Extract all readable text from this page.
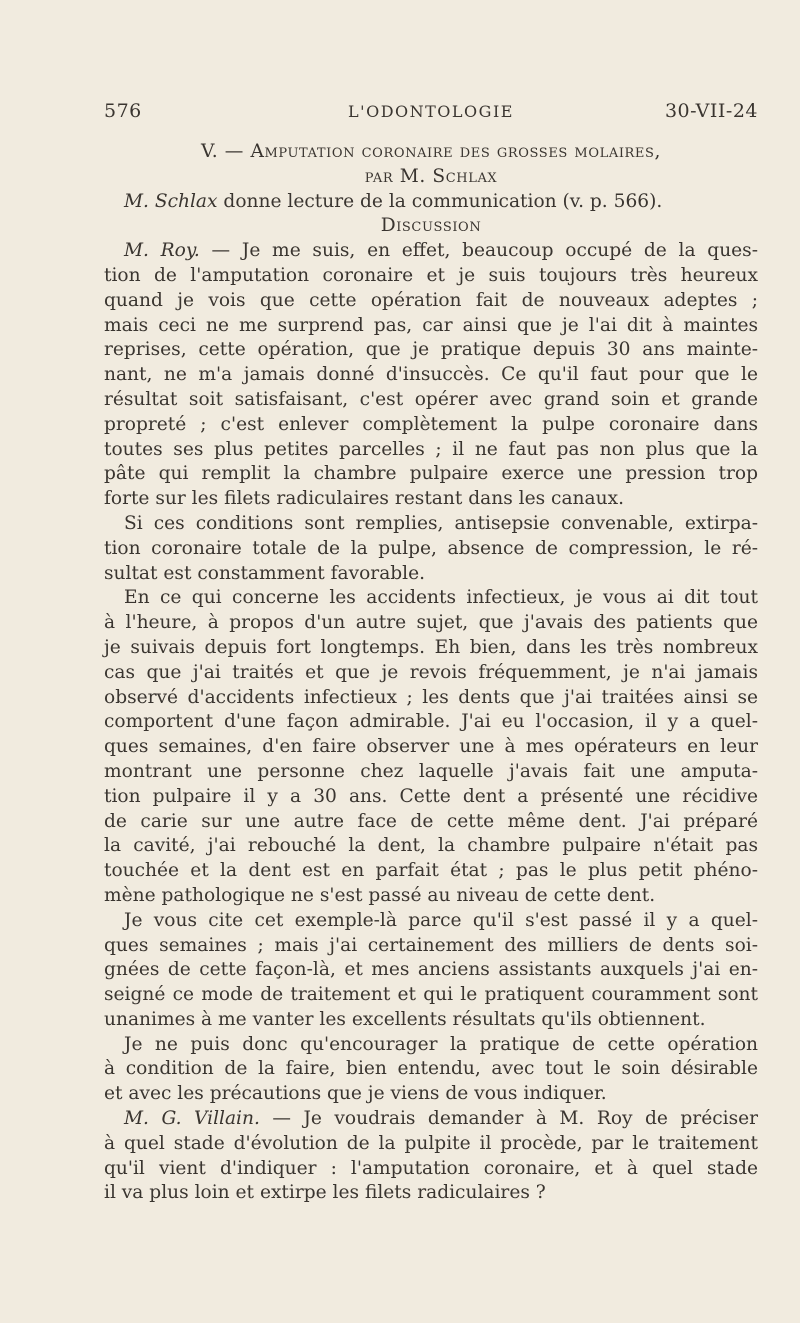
576	L'ODONTOLOGIE	30-VII-24
V. — Amputation coronaire des grosses molaires,
par M. Schlax
M. Schlax donne lecture de la communication (v. p. 566).
Discussion
M. Roy. — Je me suis, en effet, beaucoup occupé de la ques-
tion de l'amputation coronaire et je suis toujours très heureux
quand je vois que cette opération fait de nouveaux adeptes ;
mais ceci ne me surprend pas, car ainsi que je l'ai dit à maintes
reprises, cette opération, que je pratique depuis 30 ans mainte-
nant, ne m'a jamais donné d'insuccès. Ce qu'il faut pour que le
résultat soit satisfaisant, c'est opérer avec grand soin et grande
propreté ; c'est enlever complètement la pulpe coronaire dans
toutes ses plus petites parcelles ; il ne faut pas non plus que la
pâte qui remplit la chambre pulpaire exerce une pression trop
forte sur les filets radiculaires restant dans les canaux.
Si ces conditions sont remplies, antisepsie convenable, extirpa-
tion coronaire totale de la pulpe, absence de compression, le ré-
sultat est constamment favorable.
En ce qui concerne les accidents infectieux, je vous ai dit tout
à l'heure, à propos d'un autre sujet, que j'avais des patients que
je suivais depuis fort longtemps. Eh bien, dans les très nombreux
cas que j'ai traités et que je revois fréquemment, je n'ai jamais
observé d'accidents infectieux ; les dents que j'ai traitées ainsi se
comportent d'une façon admirable. J'ai eu l'occasion, il y a quel-
ques semaines, d'en faire observer une à mes opérateurs en leur
montrant une personne chez laquelle j'avais fait une amputa-
tion pulpaire il y a 30 ans. Cette dent a présenté une récidive
de carie sur une autre face de cette même dent. J'ai préparé
la cavité, j'ai rebouché la dent, la chambre pulpaire n'était pas
touchée et la dent est en parfait état ; pas le plus petit phéno-
mène pathologique ne s'est passé au niveau de cette dent.
Je vous cite cet exemple-là parce qu'il s'est passé il y a quel-
ques semaines ; mais j'ai certainement des milliers de dents soi-
gnées de cette façon-là, et mes anciens assistants auxquels j'ai en-
seigné ce mode de traitement et qui le pratiquent couramment sont
unanimes à me vanter les excellents résultats qu'ils obtiennent.
Je ne puis donc qu'encourager la pratique de cette opération
à condition de la faire, bien entendu, avec tout le soin désirable
et avec les précautions que je viens de vous indiquer.
M. G. Villain. — Je voudrais demander à M. Roy de préciser
à quel stade d'évolution de la pulpite il procède, par le traitement
qu'il vient d'indiquer : l'amputation coronaire, et à quel stade
il va plus loin et extirpe les filets radiculaires ?
